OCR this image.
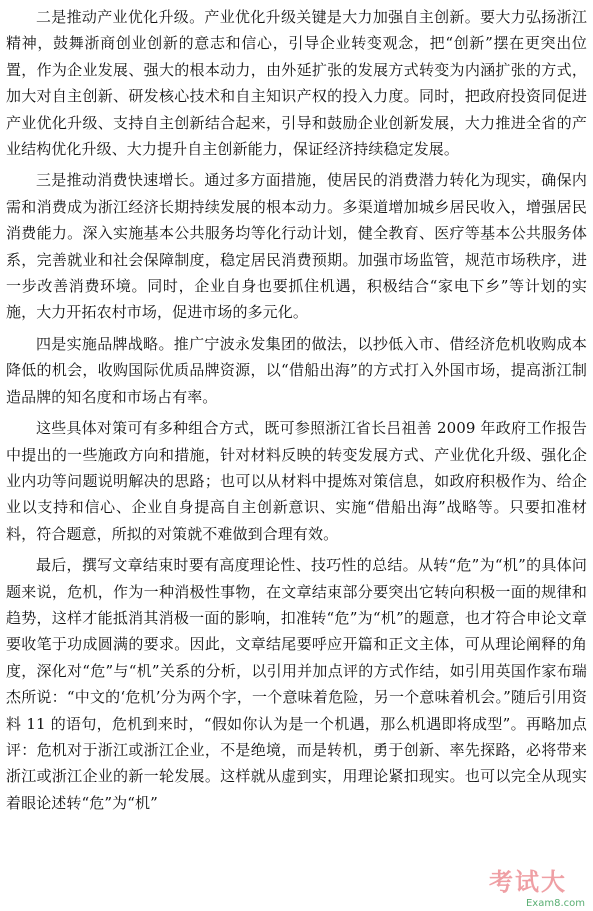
二是推动产业优化升级。产业优化升级关键是大力加强自主创新。要大力弘扬浙江精神，鼓舞浙商创业创新的意志和信心，引导企业转变观念，把“创新”摆在更突出位置，作为企业发展、强大的根本动力，由外延扩张的发展方式转变为内涵扩张的方式，加大对自主创新、研发核心技术和自主知识产权的投入力度。同时，把政府投资同促进产业优化升级、支持自主创新结合起来，引导和鼓励企业创新发展，大力推进全省的产业结构优化升级、大力提升自主创新能力，保证经济持续稳定发展。

三是推动消费快速增长。通过多方面措施，使居民的消费潜力转化为现实，确保内需和消费成为浙江经济长期持续发展的根本动力。多渠道增加城乡居民收入，增强居民消费能力。深入实施基本公共服务均等化行动计划，健全教育、医疗等基本公共服务体系，完善就业和社会保障制度，稳定居民消费预期。加强市场监管，规范市场秩序，进一步改善消费环境。同时，企业自身也要抓住机遇，积极结合“家电下乡”等计划的实施，大力开拓农村市场，促进市场的多元化。

四是实施品牌战略。推广宁波永发集团的做法，以抄低入市、借经济危机收购成本降低的机会，收购国际优质品牌资源，以“借船出海”的方式打入外国市场，提高浙江制造品牌的知名度和市场占有率。

这些具体对策可有多种组合方式，既可参照浙江省长吕祖善 2009 年政府工作报告中提出的一些施政方向和措施，针对材料反映的转变发展方式、产业优化升级、强化企业内功等问题说明解决的思路；也可以从材料中提炼对策信息，如政府积极作为、给企业以支持和信心、企业自身提高自主创新意识、实施“借船出海”战略等。只要扣准材料，符合题意，所拟的对策就不难做到合理有效。

最后，撰写文章结束时要有高度理论性、技巧性的总结。从转“危”为“机”的具体问题来说，危机，作为一种消极性事物，在文章结束部分要突出它转向积极一面的规律和趋势，这样才能抵消其消极一面的影响，扣准转“危”为“机”的题意，也才符合申论文章要收笔于功成圆满的要求。因此，文章结尾要呼应开篇和正文主体，可从理论阐释的角度，深化对“危”与“机”关系的分析，以引用并加点评的方式作结，如引用英国作家布瑞杰所说：“中文的‘危机’分为两个字，一个意味着危险，另一个意味着机会。”随后引用资料 11 的语句，危机到来时，“假如你认为是一个机遇，那么机遇即将成型”。再略加点评：危机对于浙江或浙江企业，不是绝境，而是转机，勇于创新、率先探路，必将带来浙江或浙江企业的新一轮发展。这样就从虚到实，用理论紧扣现实。也可以完全从现实着眼论述转“危”为“机”

考试大
Exam8.com
